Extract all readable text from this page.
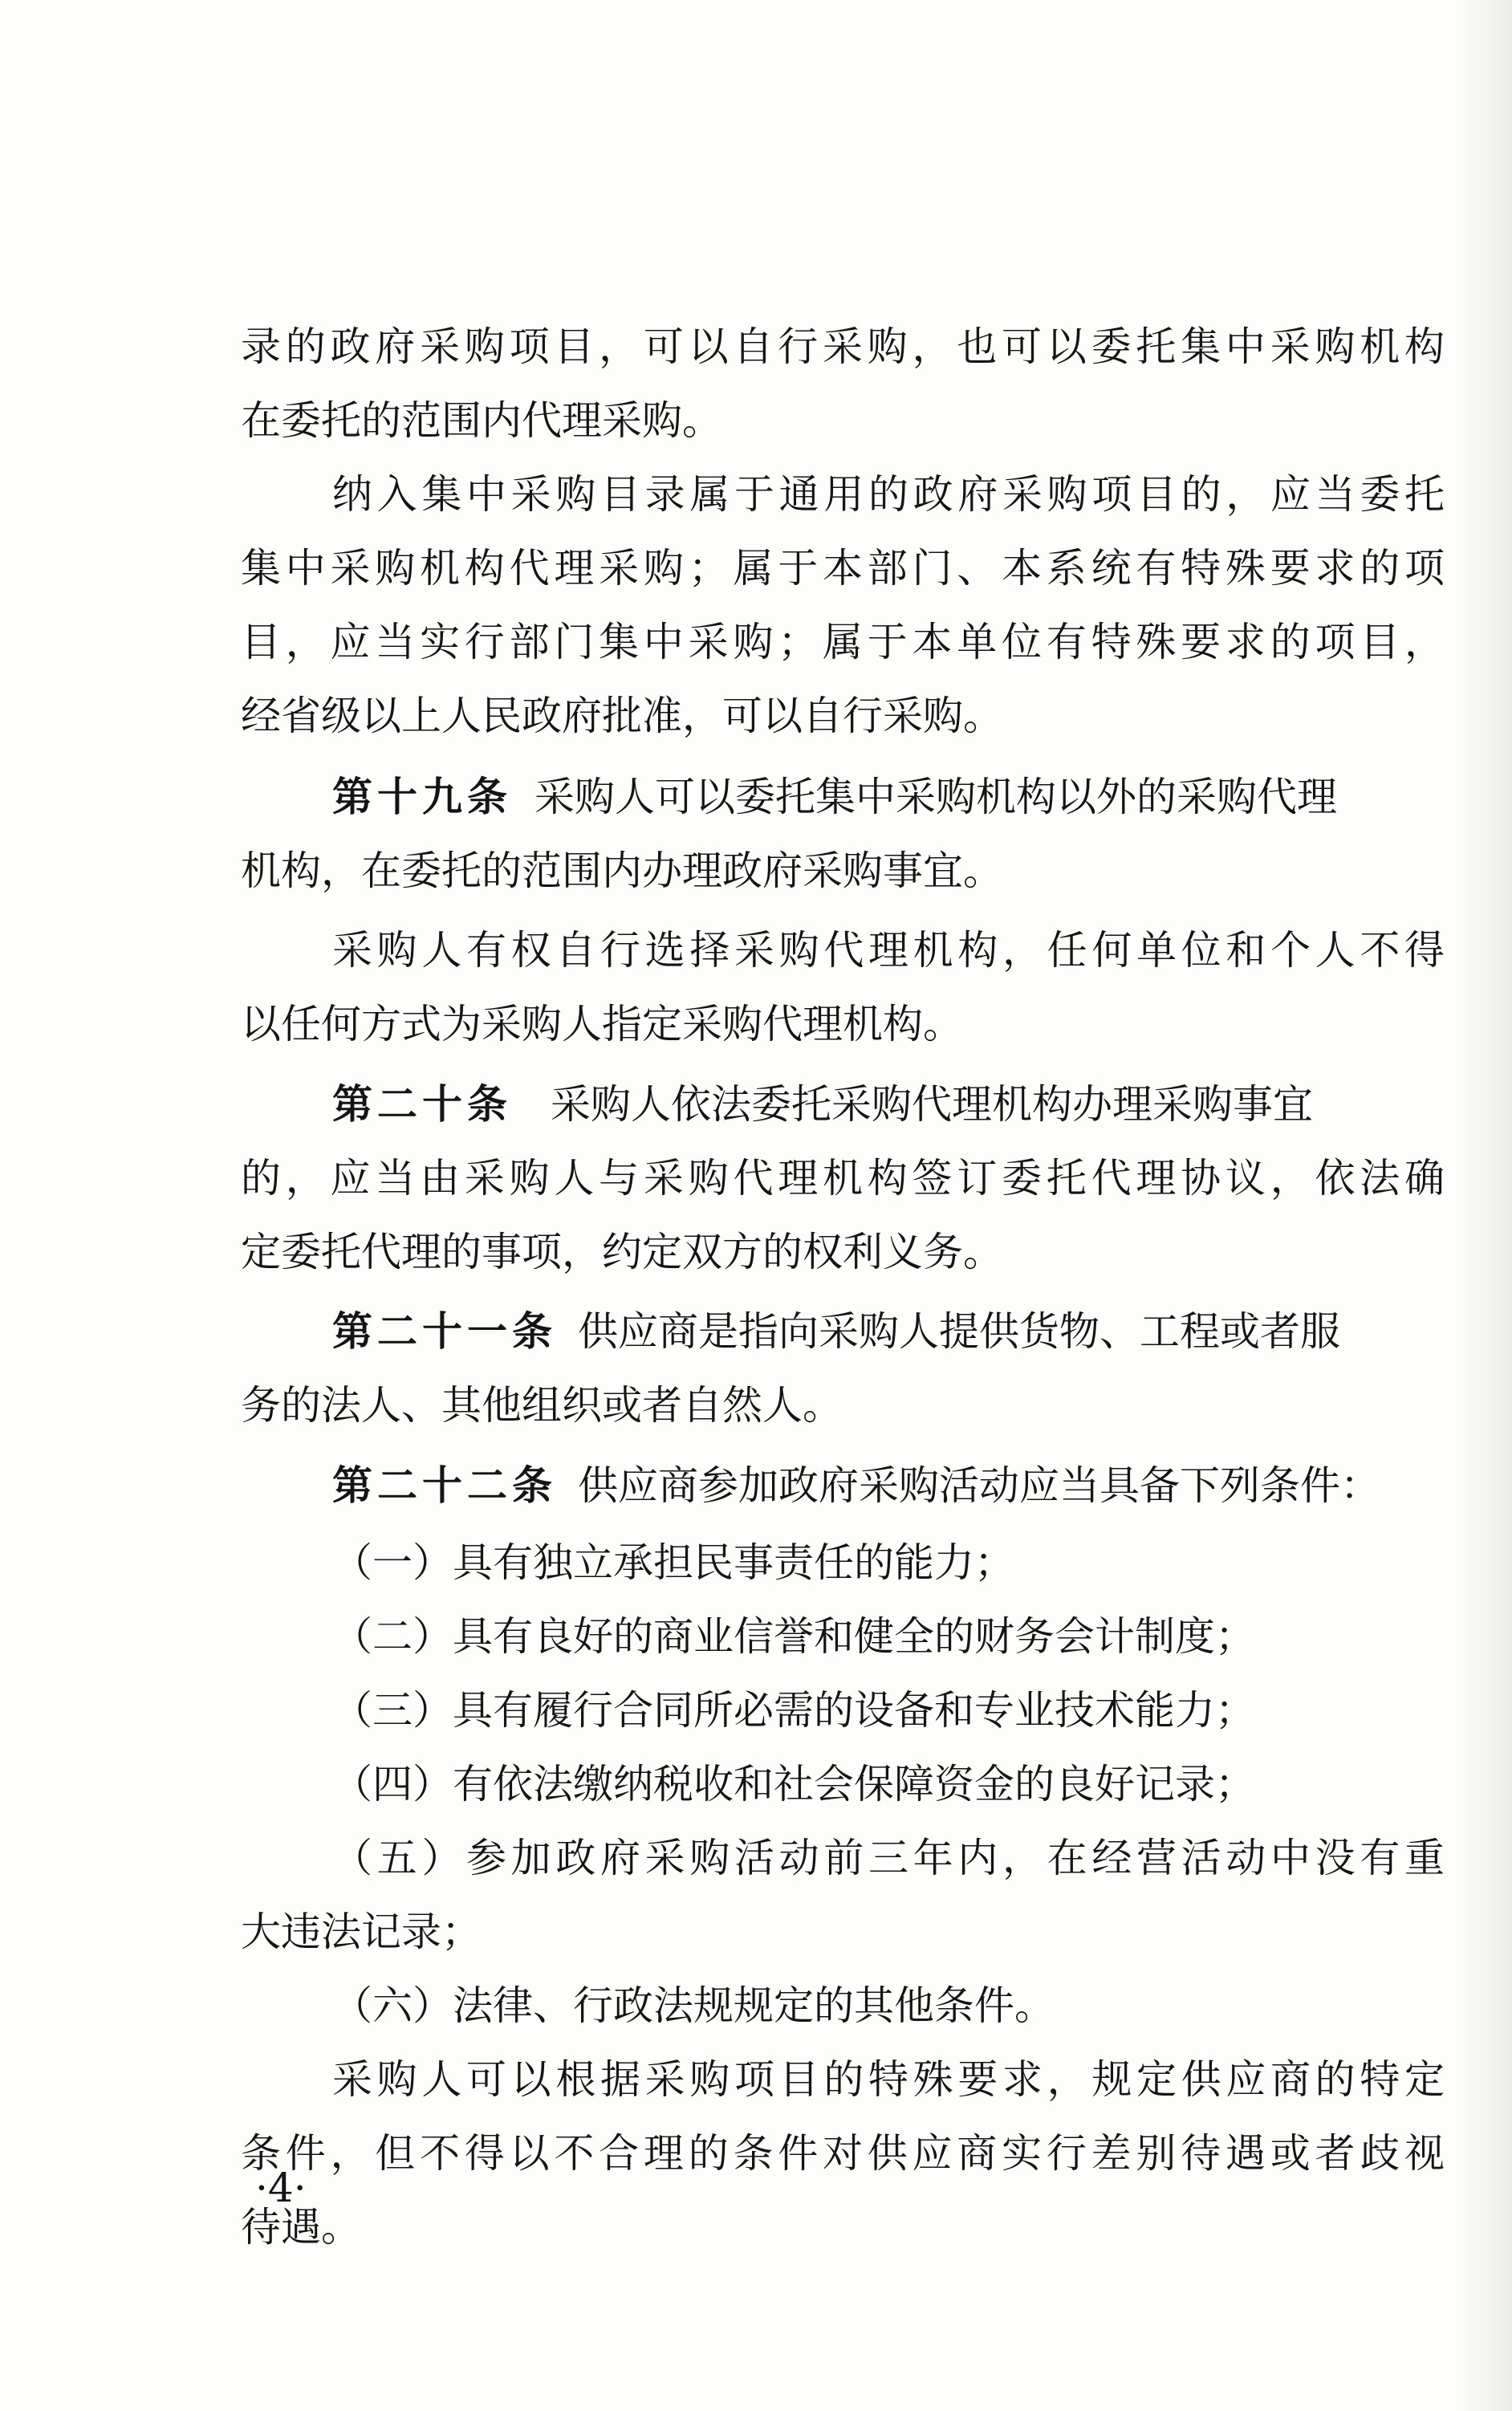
录的政府采购项目，可以自行采购，也可以委托集中采购机构
在委托的范围内代理采购。
纳入集中采购目录属于通用的政府采购项目的，应当委托
集中采购机构代理采购；属于本部门、本系统有特殊要求的项
目，应当实行部门集中采购；属于本单位有特殊要求的项目，
经省级以上人民政府批准，可以自行采购。
第十九条 采购人可以委托集中采购机构以外的采购代理
机构，在委托的范围内办理政府采购事宜。
采购人有权自行选择采购代理机构，任何单位和个人不得
以任何方式为采购人指定采购代理机构。
第二十条 采购人依法委托采购代理机构办理采购事宜
的，应当由采购人与采购代理机构签订委托代理协议，依法确
定委托代理的事项，约定双方的权利义务。
第二十一条 供应商是指向采购人提供货物、工程或者服
务的法人、其他组织或者自然人。
第二十二条 供应商参加政府采购活动应当具备下列条件：
（一）具有独立承担民事责任的能力；
（二）具有良好的商业信誉和健全的财务会计制度；
（三）具有履行合同所必需的设备和专业技术能力；
（四）有依法缴纳税收和社会保障资金的良好记录；
（五）参加政府采购活动前三年内，在经营活动中没有重
大违法记录；
（六）法律、行政法规规定的其他条件。
采购人可以根据采购项目的特殊要求，规定供应商的特定
条件，但不得以不合理的条件对供应商实行差别待遇或者歧视
待遇。
·4·
